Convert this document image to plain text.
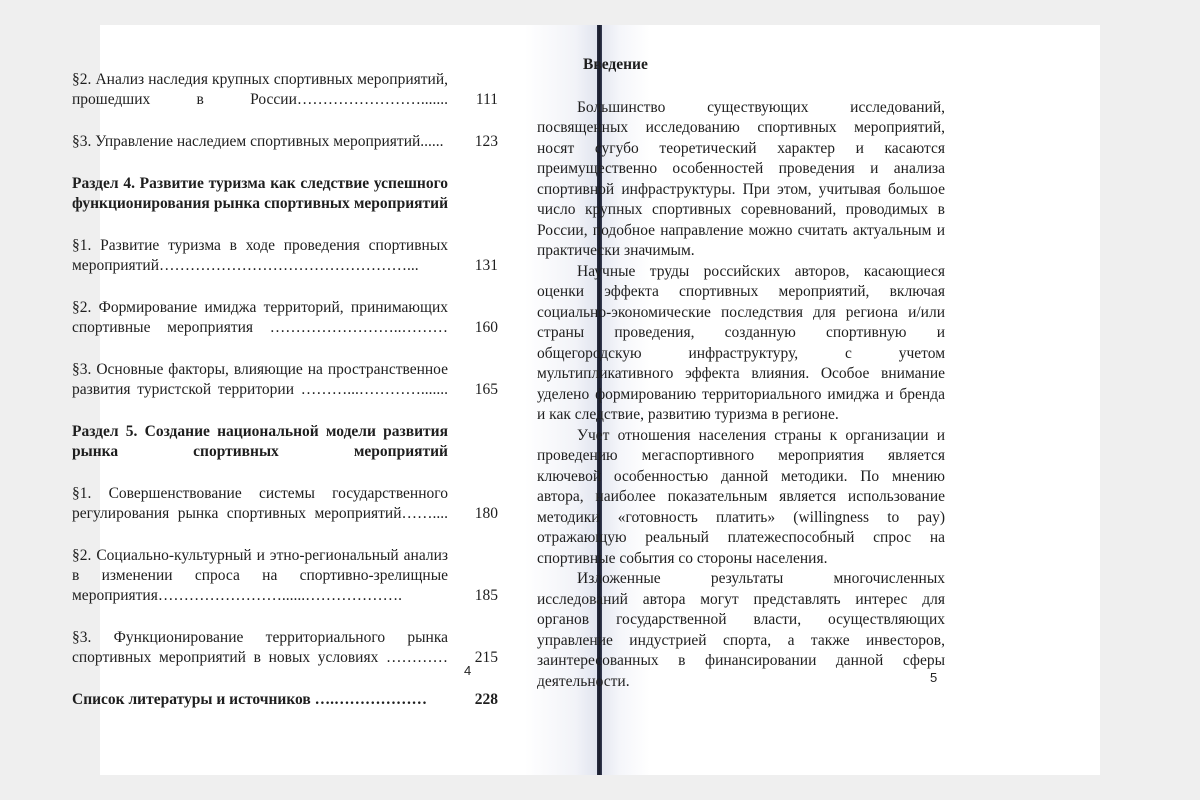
§2. Анализ наследия крупных спортивных мероприятий, прошедших в России…………………….......	111
§3. Управление наследием спортивных мероприятий......	123
Раздел 4. Развитие туризма как следствие успешного функционирования рынка спортивных мероприятий
§1. Развитие туризма в ходе проведения спортивных мероприятий…………………………………………...	131
§2. Формирование имиджа территорий, принимающих спортивные мероприятия ……………………..………	160
§3. Основные факторы, влияющие на пространственное развития туристской территории ………...………….......	165
Раздел 5. Создание национальной модели развития рынка спортивных мероприятий
§1. Совершенствование системы государственного регулирования рынка спортивных мероприятий……....	180
§2. Социально-культурный и этно-региональный анализ в изменении спроса на спортивно-зрелищные мероприятия……………………......……………….	185
§3. Функционирование территориального рынка спортивных мероприятий в новых условиях …………	215
Список литературы и источников ….………………	228
4
Введение

Большинство существующих исследований, посвященных исследованию спортивных мероприятий, носят сугубо теоретический характер и касаются преимущественно особенностей проведения и анализа спортивной инфраструктуры. При этом, учитывая большое число крупных спортивных соревнований, проводимых в России, подобное направление можно считать актуальным и практически значимым.

Научные труды российских авторов, касающиеся оценки эффекта спортивных мероприятий, включая социально-экономические последствия для региона и/или страны проведения, созданную спортивную и общегородскую инфраструктуру, с учетом мультипликативного эффекта влияния. Особое внимание уделено формированию территориального имиджа и бренда и как следствие, развитию туризма в регионе.

Учет отношения населения страны к организации и проведению мегаспортивного мероприятия является ключевой особенностью данной методики. По мнению автора, наиболее показательным является использование методики «готовность платить» (willingness to pay) отражающую реальный платежеспособный спрос на спортивные события со стороны населения.

Изложенные результаты многочисленных исследований автора могут представлять интерес для органов государственной власти, осуществляющих управление индустрией спорта, а также инвесторов, заинтересованных в финансировании данной сферы деятельности.	5
